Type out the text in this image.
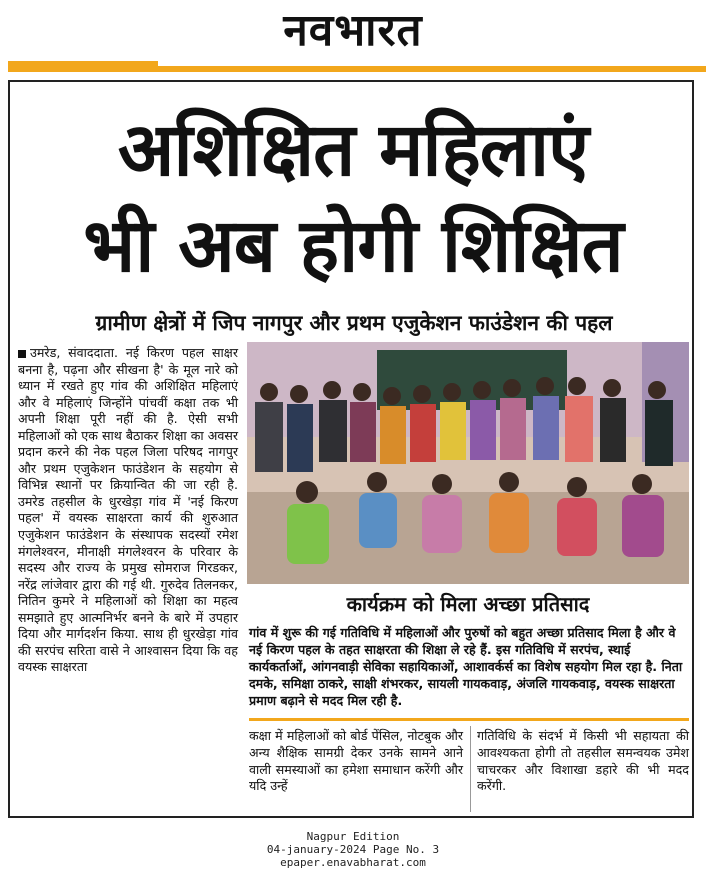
नवभारत
अशिक्षित महिलाएं
भी अब होगी शिक्षित
ग्रामीण क्षेत्रों में जिप नागपुर और प्रथम एजुकेशन फाउंडेशन की पहल
उमरेड, संवाददाता. नई किरण पहल साक्षर बनना है, पढ़ना और सीखना है' के मूल नारे को ध्यान में रखते हुए गांव की अशिक्षित महिलाएं और वे महिलाएं जिन्होंने पांचवीं कक्षा तक भी अपनी शिक्षा पूरी नहीं की है. ऐसी सभी महिलाओं को एक साथ बैठाकर शिक्षा का अवसर प्रदान करने की नेक पहल जिला परिषद नागपुर और प्रथम एजुकेशन फाउंडेशन के सहयोग से विभिन्न स्थानों पर क्रियान्वित की जा रही है. उमरेड तहसील के धुरखेड़ा गांव में 'नई किरण पहल' में वयस्क साक्षरता कार्य की शुरुआत एजुकेशन फाउंडेशन के संस्थापक सदस्यों रमेश मंगलेश्वरन, मीनाक्षी मंगलेश्वरन के परिवार के सदस्य और राज्य के प्रमुख सोमराज गिरडकर, नरेंद्र लांजेवार द्वारा की गई थी. गुरुदेव तिलनकर, नितिन कुमरे ने महिलाओं को शिक्षा का महत्व समझाते हुए आत्मनिर्भर बनने के बारे में उपहार दिया और मार्गदर्शन किया. साथ ही धुरखेड़ा गांव की सरपंच सरिता वासे ने आश्वासन दिया कि वह वयस्क साक्षरता
कार्यक्रम को मिला अच्छा प्रतिसाद
गांव में शुरू की गई गतिविधि में महिलाओं और पुरुषों को बहुत अच्छा प्रतिसाद मिला है और वे नई किरण पहल के तहत साक्षरता की शिक्षा ले रहे हैं. इस गतिविधि में सरपंच, स्थाई कार्यकर्ताओं, आंगनवाड़ी सेविका सहायिकाओं, आशावर्कर्स का विशेष सहयोग मिल रहा है. निता दमके, समिक्षा ठाकरे, साक्षी शंभरकर, सायली गायकवाड़, अंजलि गायकवाड़, वयस्क साक्षरता प्रमाण बढ़ाने से मदद मिल रही है.
कक्षा में महिलाओं को बोर्ड पेंसिल, नोटबुक और अन्य शैक्षिक सामग्री देकर उनके सामने आने वाली समस्याओं का हमेशा समाधान करेंगी और यदि उन्हें
गतिविधि के संदर्भ में किसी भी सहायता की आवश्यकता होगी तो तहसील समन्वयक उमेश चाचरकर और विशाखा डहारे की भी मदद करेंगी.
Nagpur Edition
04-january-2024 Page No. 3
epaper.enavabharat.com
